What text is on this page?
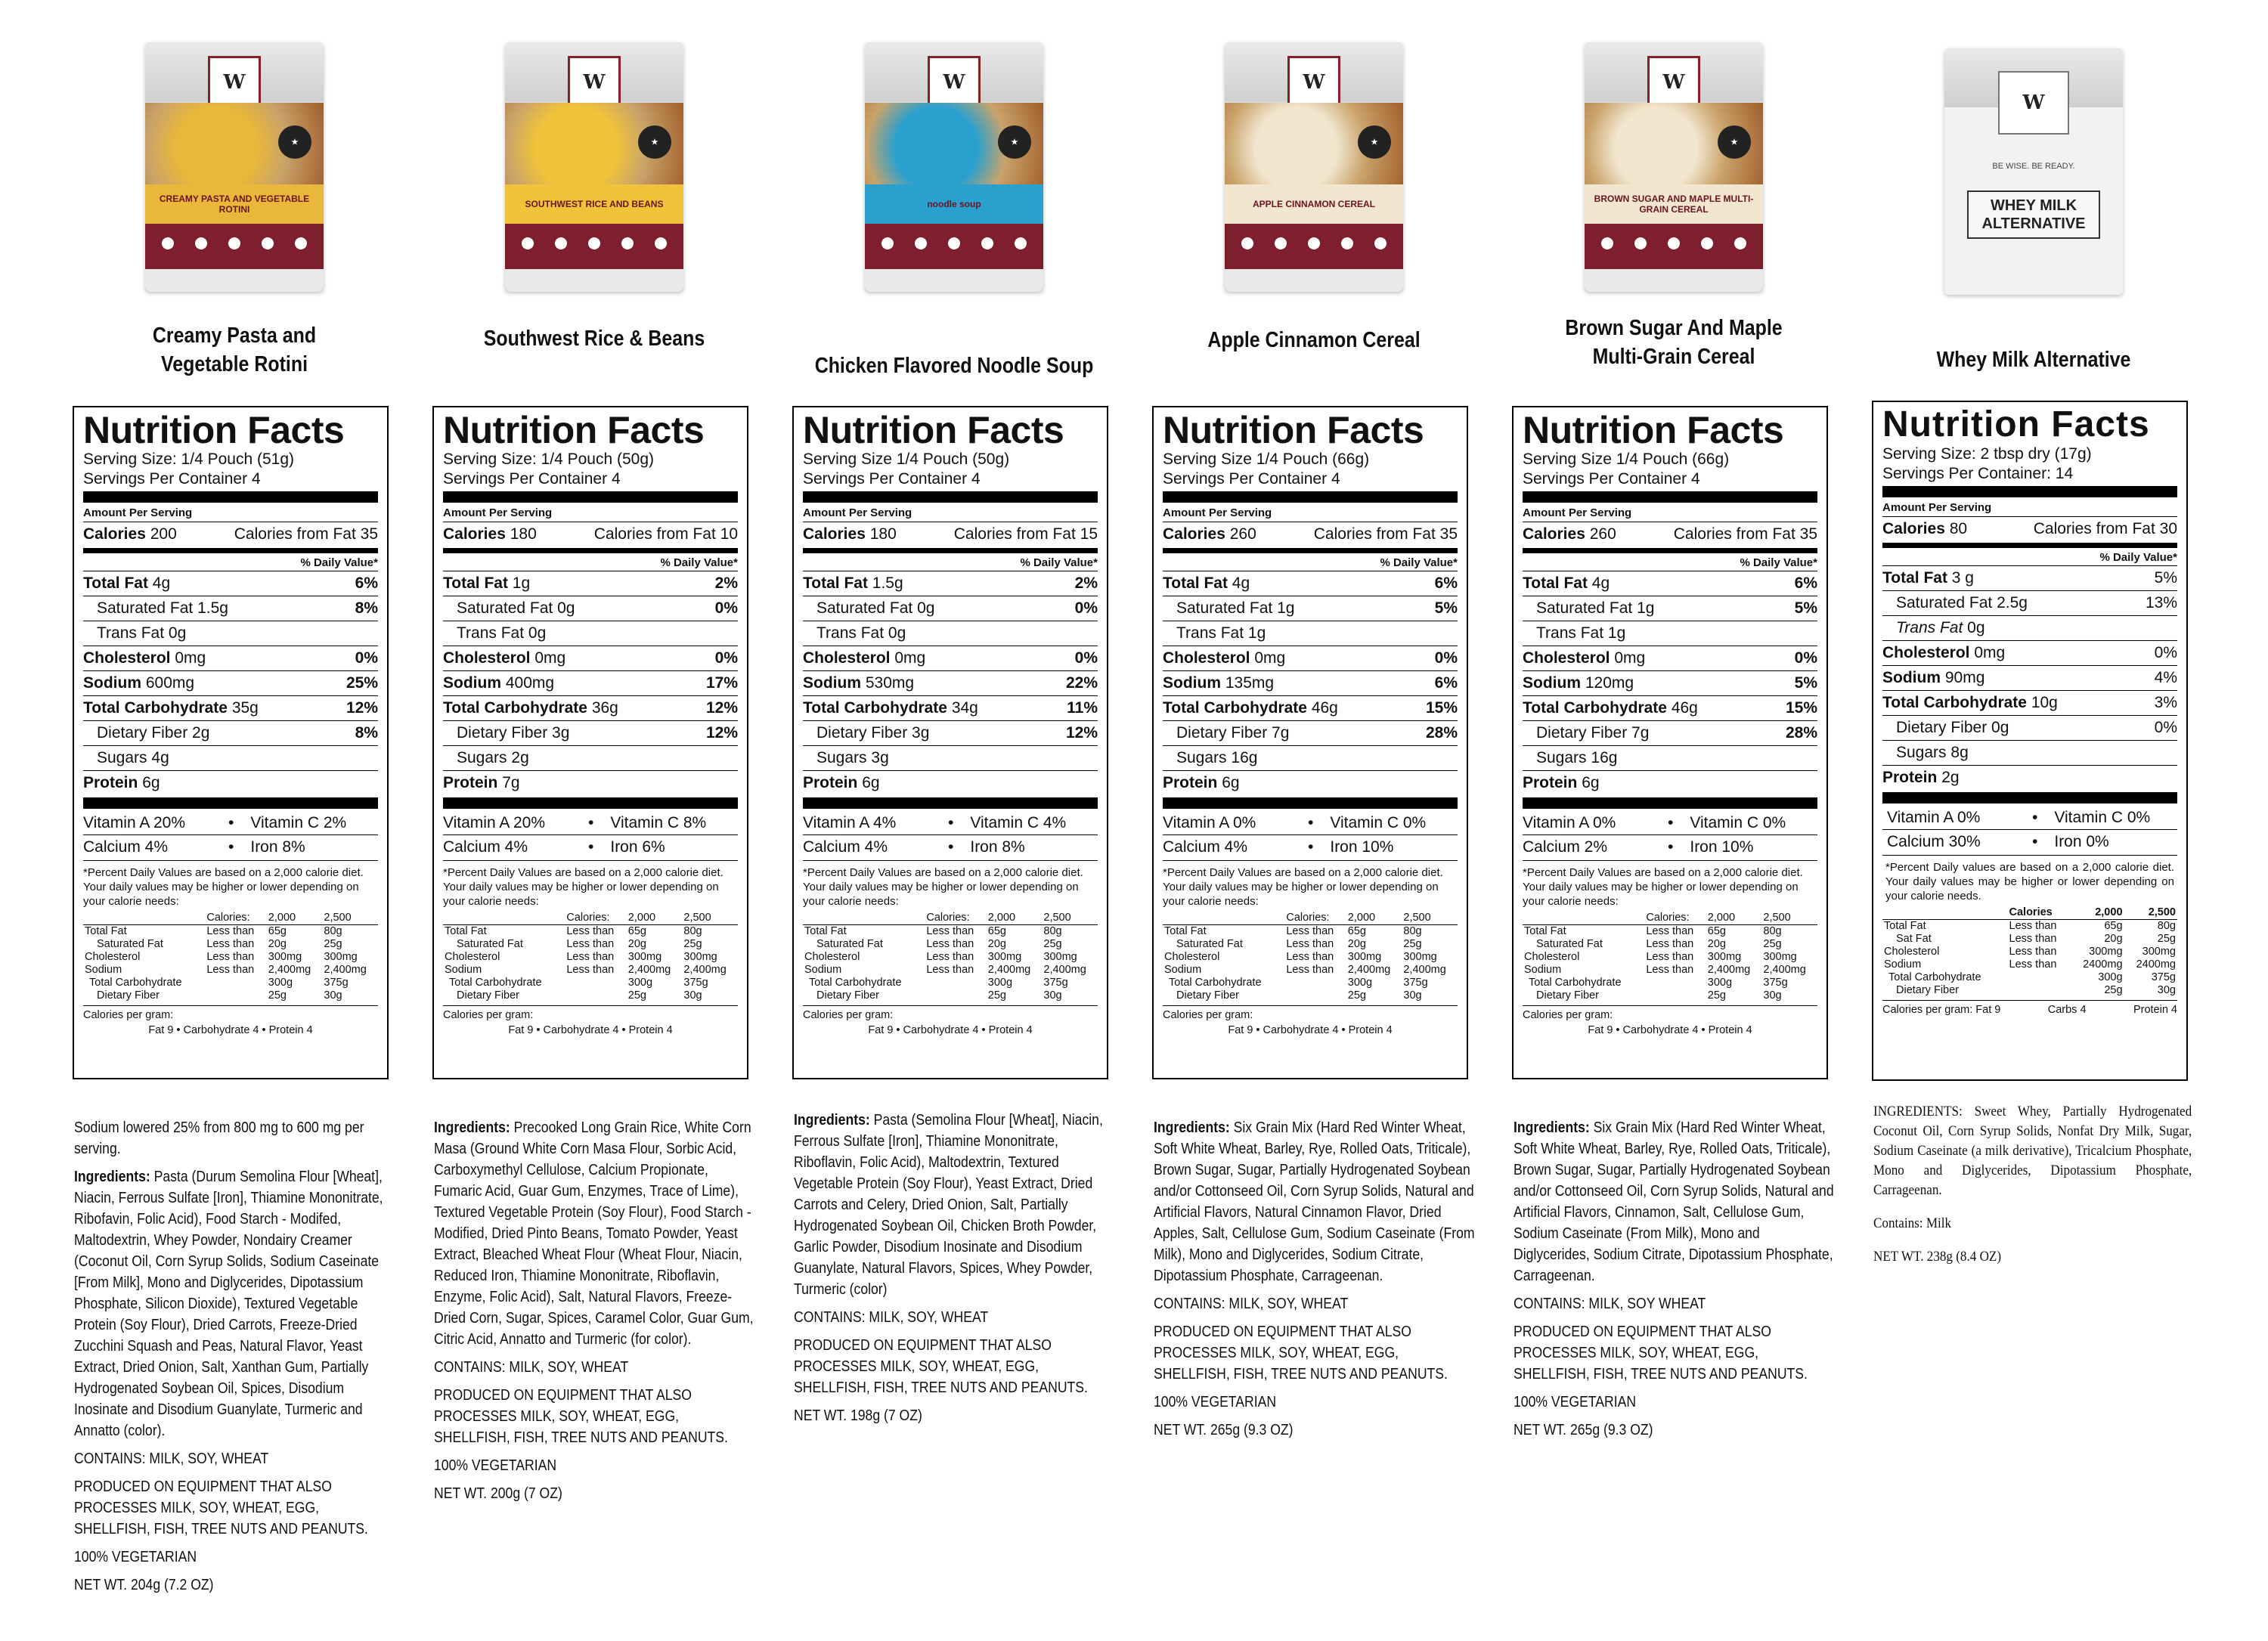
W
★
CREAMY PASTA AND VEGETABLE ROTINI
Creamy Pasta and
Vegetable Rotini
Nutrition Facts
Serving Size: 1/4 Pouch (51g)
Servings Per Container 4
Amount Per Serving
Calories 200	Calories from Fat 35
% Daily Value*
Total Fat 4g	6%
Saturated Fat 1.5g	8%
Trans Fat 0g
Cholesterol 0mg	0%
Sodium 600mg	25%
Total Carbohydrate 35g	12%
Dietary Fiber 2g	8%
Sugars 4g
Protein 6g
Vitamin A 20%	•	Vitamin C 2%
Calcium 4%	•	Iron 8%
*Percent Daily Values are based on a 2,000 calorie diet. Your daily values may be higher or lower depending on your calorie needs:
	Calories:	2,000	2,500
Total Fat	Less than	65g	80g
Saturated Fat	Less than	20g	25g
Cholesterol	Less than	300mg	300mg
Sodium	Less than	2,400mg	2,400mg
Total Carbohydrate		300g	375g
Dietary Fiber		25g	30g
Calories per gram:
Fat 9 • Carbohydrate 4 • Protein 4

Sodium lowered 25% from 800 mg to 600 mg per serving.

Ingredients: Pasta (Durum Semolina Flour [Wheat], Niacin, Ferrous Sulfate [Iron], Thiamine Mononitrate, Ribofavin, Folic Acid), Food Starch - Modifed, Maltodextrin, Whey Powder, Nondairy Creamer (Coconut Oil, Corn Syrup Solids, Sodium Caseinate [From Milk], Mono and Diglycerides, Dipotassium Phosphate, Silicon Dioxide), Textured Vegetable Protein (Soy Flour), Dried Carrots, Freeze-Dried Zucchini Squash and Peas, Natural Flavor, Yeast Extract, Dried Onion, Salt, Xanthan Gum, Partially Hydrogenated Soybean Oil, Spices, Disodium Inosinate and Disodium Guanylate, Turmeric and Annatto (color).

CONTAINS: MILK, SOY, WHEAT

PRODUCED ON EQUIPMENT THAT ALSO PROCESSES MILK, SOY, WHEAT, EGG, SHELLFISH, FISH, TREE NUTS AND PEANUTS.

100% VEGETARIAN

NET WT. 204g (7.2 OZ)

W
★
SOUTHWEST RICE AND BEANS
Southwest Rice & Beans
Nutrition Facts
Serving Size: 1/4 Pouch (50g)
Servings Per Container 4
Amount Per Serving
Calories 180	Calories from Fat 10
% Daily Value*
Total Fat 1g	2%
Saturated Fat 0g	0%
Trans Fat 0g
Cholesterol 0mg	0%
Sodium 400mg	17%
Total Carbohydrate 36g	12%
Dietary Fiber 3g	12%
Sugars 2g
Protein 7g
Vitamin A 20%	•	Vitamin C 8%
Calcium 4%	•	Iron 6%
*Percent Daily Values are based on a 2,000 calorie diet. Your daily values may be higher or lower depending on your calorie needs:
	Calories:	2,000	2,500
Total Fat	Less than	65g	80g
Saturated Fat	Less than	20g	25g
Cholesterol	Less than	300mg	300mg
Sodium	Less than	2,400mg	2,400mg
Total Carbohydrate		300g	375g
Dietary Fiber		25g	30g
Calories per gram:
Fat 9 • Carbohydrate 4 • Protein 4

Ingredients: Precooked Long Grain Rice, White Corn Masa (Ground White Corn Masa Flour, Sorbic Acid, Carboxymethyl Cellulose, Calcium Propionate, Fumaric Acid, Guar Gum, Enzymes, Trace of Lime), Textured Vegetable Protein (Soy Flour), Food Starch - Modified, Dried Pinto Beans, Tomato Powder, Yeast Extract, Bleached Wheat Flour (Wheat Flour, Niacin, Reduced Iron, Thiamine Mononitrate, Riboflavin, Enzyme, Folic Acid), Salt, Natural Flavors, Freeze-Dried Corn, Sugar, Spices, Caramel Color, Guar Gum, Citric Acid, Annatto and Turmeric (for color).

CONTAINS: MILK, SOY, WHEAT

PRODUCED ON EQUIPMENT THAT ALSO PROCESSES MILK, SOY, WHEAT, EGG, SHELLFISH, FISH, TREE NUTS AND PEANUTS.

100% VEGETARIAN

NET WT. 200g (7 OZ)

W
★
noodle soup
Chicken Flavored Noodle Soup
Nutrition Facts
Serving Size 1/4 Pouch (50g)
Servings Per Container 4
Amount Per Serving
Calories 180	Calories from Fat 15
% Daily Value*
Total Fat 1.5g	2%
Saturated Fat 0g	0%
Trans Fat 0g
Cholesterol 0mg	0%
Sodium 530mg	22%
Total Carbohydrate 34g	11%
Dietary Fiber 3g	12%
Sugars 3g
Protein 6g
Vitamin A 4%	•	Vitamin C 4%
Calcium 4%	•	Iron 8%
*Percent Daily Values are based on a 2,000 calorie diet. Your daily values may be higher or lower depending on your calorie needs:
	Calories:	2,000	2,500
Total Fat	Less than	65g	80g
Saturated Fat	Less than	20g	25g
Cholesterol	Less than	300mg	300mg
Sodium	Less than	2,400mg	2,400mg
Total Carbohydrate		300g	375g
Dietary Fiber		25g	30g
Calories per gram:
Fat 9 • Carbohydrate 4 • Protein 4

Ingredients: Pasta (Semolina Flour [Wheat], Niacin, Ferrous Sulfate [Iron], Thiamine Mononitrate, Riboflavin, Folic Acid), Maltodextrin, Textured Vegetable Protein (Soy Flour), Yeast Extract, Dried Carrots and Celery, Dried Onion, Salt, Partially Hydrogenated Soybean Oil, Chicken Broth Powder, Garlic Powder, Disodium Inosinate and Disodium Guanylate, Natural Flavors, Spices, Whey Powder, Turmeric (color)

CONTAINS: MILK, SOY, WHEAT

PRODUCED ON EQUIPMENT THAT ALSO PROCESSES MILK, SOY, WHEAT, EGG, SHELLFISH, FISH, TREE NUTS AND PEANUTS.

NET WT. 198g (7 OZ)

W
★
APPLE CINNAMON CEREAL
Apple Cinnamon Cereal
Nutrition Facts
Serving Size 1/4 Pouch (66g)
Servings Per Container 4
Amount Per Serving
Calories 260	Calories from Fat 35
% Daily Value*
Total Fat 4g	6%
Saturated Fat 1g	5%
Trans Fat 1g
Cholesterol 0mg	0%
Sodium 135mg	6%
Total Carbohydrate 46g	15%
Dietary Fiber 7g	28%
Sugars 16g
Protein 6g
Vitamin A 0%	•	Vitamin C 0%
Calcium 4%	•	Iron 10%
*Percent Daily Values are based on a 2,000 calorie diet. Your daily values may be higher or lower depending on your calorie needs:
	Calories:	2,000	2,500
Total Fat	Less than	65g	80g
Saturated Fat	Less than	20g	25g
Cholesterol	Less than	300mg	300mg
Sodium	Less than	2,400mg	2,400mg
Total Carbohydrate		300g	375g
Dietary Fiber		25g	30g
Calories per gram:
Fat 9 • Carbohydrate 4 • Protein 4

Ingredients: Six Grain Mix (Hard Red Winter Wheat, Soft White Wheat, Barley, Rye, Rolled Oats, Triticale), Brown Sugar, Sugar, Partially Hydrogenated Soybean and/or Cottonseed Oil, Corn Syrup Solids, Natural and Artificial Flavors, Natural Cinnamon Flavor, Dried Apples, Salt, Cellulose Gum, Sodium Caseinate (From Milk), Mono and Diglycerides, Sodium Citrate, Dipotassium Phosphate, Carrageenan.

CONTAINS: MILK, SOY, WHEAT

PRODUCED ON EQUIPMENT THAT ALSO PROCESSES MILK, SOY, WHEAT, EGG, SHELLFISH, FISH, TREE NUTS AND PEANUTS.

100% VEGETARIAN

NET WT. 265g (9.3 OZ)

W
★
BROWN SUGAR AND MAPLE MULTI-GRAIN CEREAL
Brown Sugar And Maple
Multi-Grain Cereal
Nutrition Facts
Serving Size 1/4 Pouch (66g)
Servings Per Container 4
Amount Per Serving
Calories 260	Calories from Fat 35
% Daily Value*
Total Fat 4g	6%
Saturated Fat 1g	5%
Trans Fat 1g
Cholesterol 0mg	0%
Sodium 120mg	5%
Total Carbohydrate 46g	15%
Dietary Fiber 7g	28%
Sugars 16g
Protein 6g
Vitamin A 0%	•	Vitamin C 0%
Calcium 2%	•	Iron 10%
*Percent Daily Values are based on a 2,000 calorie diet. Your daily values may be higher or lower depending on your calorie needs:
	Calories:	2,000	2,500
Total Fat	Less than	65g	80g
Saturated Fat	Less than	20g	25g
Cholesterol	Less than	300mg	300mg
Sodium	Less than	2,400mg	2,400mg
Total Carbohydrate		300g	375g
Dietary Fiber		25g	30g
Calories per gram:
Fat 9 • Carbohydrate 4 • Protein 4

Ingredients: Six Grain Mix (Hard Red Winter Wheat, Soft White Wheat, Barley, Rye, Rolled Oats, Triticale), Brown Sugar, Sugar, Partially Hydrogenated Soybean and/or Cottonseed Oil, Corn Syrup Solids, Natural and Artificial Flavors, Cinnamon, Salt, Cellulose Gum, Sodium Caseinate (From Milk), Mono and Diglycerides, Sodium Citrate, Dipotassium Phosphate, Carrageenan.

CONTAINS: MILK, SOY WHEAT

PRODUCED ON EQUIPMENT THAT ALSO PROCESSES MILK, SOY, WHEAT, EGG, SHELLFISH, FISH, TREE NUTS AND PEANUTS.

100% VEGETARIAN

NET WT. 265g (9.3 OZ)

W
BE WISE. BE READY.
WHEY MILK ALTERNATIVE
Whey Milk Alternative
Nutrition Facts
Serving Size: 2 tbsp dry (17g)
Servings Per Container: 14
Amount Per Serving
Calories 80	Calories from Fat 30
% Daily Value*
Total Fat 3 g	5%
Saturated Fat 2.5g	13%
Trans Fat 0g
Cholesterol 0mg	0%
Sodium 90mg	4%
Total Carbohydrate 10g	3%
Dietary Fiber 0g	0%
Sugars 8g
Protein 2g
Vitamin A 0%	•	Vitamin C 0%
Calcium 30%	•	Iron 0%
*Percent Daily values are based on a 2,000 calorie diet. Your daily values may be higher or lower depending on your calorie needs.
	Calories	2,000	2,500
Total Fat	Less than	65g	80g
Sat Fat	Less than	20g	25g
Cholesterol	Less than	300mg	300mg
Sodium	Less than	2400mg	2400mg
Total Carbohydrate		300g	375g
Dietary Fiber		25g	30g
Calories per gram: Fat 9	Carbs 4	Protein 4

INGREDIENTS: Sweet Whey, Partially Hydrogenated Coconut Oil, Corn Syrup Solids, Nonfat Dry Milk, Sugar, Sodium Caseinate (a milk derivative), Tricalcium Phosphate, Mono and Diglycerides, Dipotassium Phosphate, Carrageenan.

Contains: Milk

NET WT. 238g (8.4 OZ)
